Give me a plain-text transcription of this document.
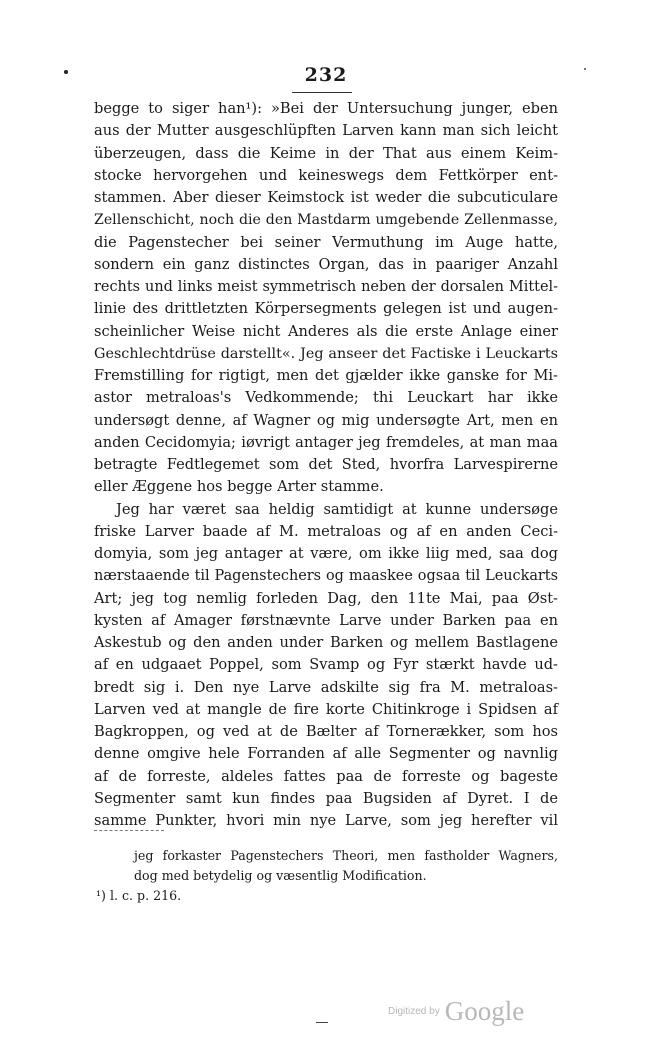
232
begge to siger han¹): »Bei der Untersuchung junger, eben
aus der Mutter ausgeschlüpften Larven kann man sich leicht
überzeugen, dass die Keime in der That aus einem Keim-
stocke hervorgehen und keineswegs dem Fettkörper ent-
stammen. Aber dieser Keimstock ist weder die subcuticulare
Zellenschicht, noch die den Mastdarm umgebende Zellenmasse,
die Pagenstecher bei seiner Vermuthung im Auge hatte,
sondern ein ganz distinctes Organ, das in paariger Anzahl
rechts und links meist symmetrisch neben der dorsalen Mittel-
linie des drittletzten Körpersegments gelegen ist und augen-
scheinlicher Weise nicht Anderes als die erste Anlage einer
Geschlechtdrüse darstellt«. Jeg anseer det Factiske i Leuckarts
Fremstilling for rigtigt, men det gjælder ikke ganske for Mi-
astor metraloas's Vedkommende; thi Leuckart har ikke
undersøgt denne, af Wagner og mig undersøgte Art, men en
anden Cecidomyia; iøvrigt antager jeg fremdeles, at man maa
betragte Fedtlegemet som det Sted, hvorfra Larvespirerne
eller Æggene hos begge Arter stamme.
Jeg har været saa heldig samtidigt at kunne undersøge
friske Larver baade af M. metraloas og af en anden Ceci-
domyia, som jeg antager at være, om ikke liig med, saa dog
nærstaaende til Pagenstechers og maaskee ogsaa til Leuckarts
Art; jeg tog nemlig forleden Dag, den 11te Mai, paa Øst-
kysten af Amager førstnævnte Larve under Barken paa en
Askestub og den anden under Barken og mellem Bastlagene
af en udgaaet Poppel, som Svamp og Fyr stærkt havde ud-
bredt sig i. Den nye Larve adskilte sig fra M. metraloas-
Larven ved at mangle de fire korte Chitinkroge i Spidsen af
Bagkroppen, og ved at de Bælter af Tornerækker, som hos
denne omgive hele Forranden af alle Segmenter og navnlig
af de forreste, aldeles fattes paa de forreste og bageste
Segmenter samt kun findes paa Bugsiden af Dyret. I de
samme Punkter, hvori min nye Larve, som jeg herefter vil
jeg forkaster Pagenstechers Theori, men fastholder Wagners,
dog med betydelig og væsentlig Modification.
¹) l. c. p. 216.
Digitized by Google
